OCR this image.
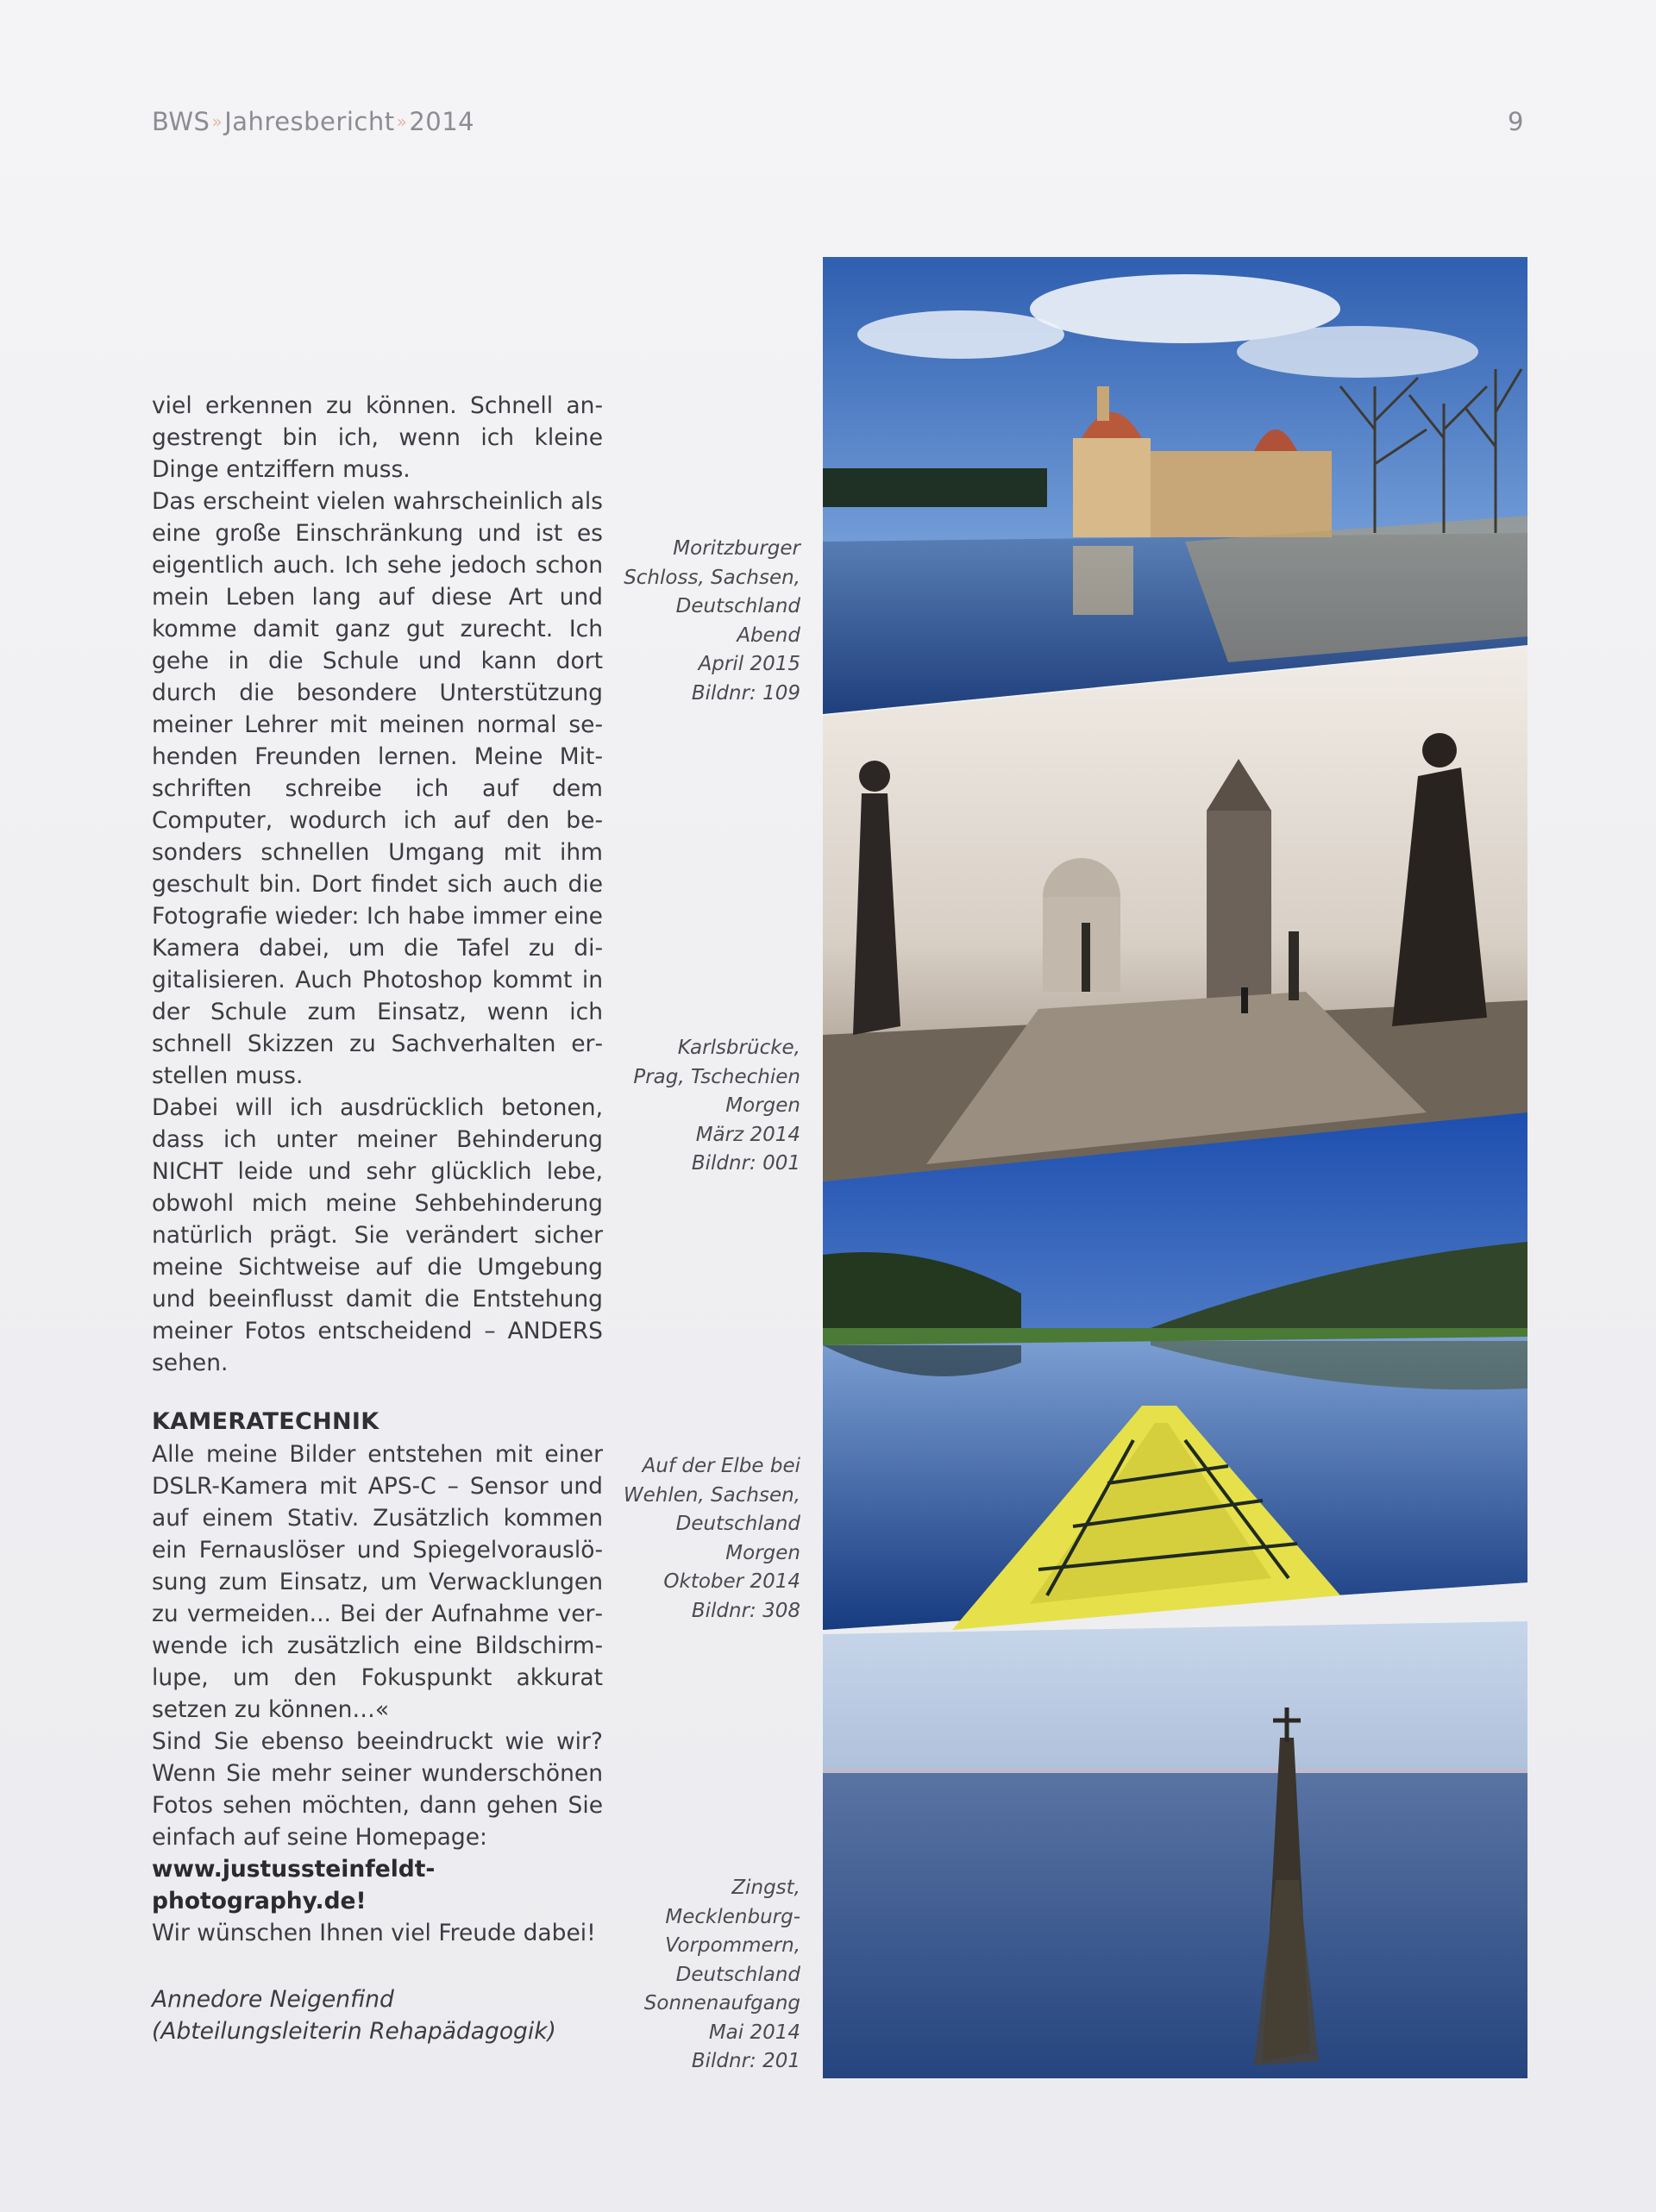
BWS »Jahresbericht »2014	9

viel erkennen zu können. Schnell angestrengt bin ich, wenn ich kleine Dinge entziffern muss.

Das erscheint vielen wahrscheinlich als eine große Einschränkung und ist es eigentlich auch. Ich sehe jedoch schon mein Leben lang auf diese Art und komme damit ganz gut zurecht. Ich gehe in die Schule und kann dort durch die besondere Unterstützung meiner Lehrer mit meinen normal sehenden Freunden lernen. Meine Mitschriften schreibe ich auf dem Computer, wodurch ich auf den besonders schnellen Umgang mit ihm geschult bin. Dort findet sich auch die Fotografie wieder: Ich habe immer eine Kamera dabei, um die Tafel zu digitalisieren. Auch Photoshop kommt in der Schule zum Einsatz, wenn ich schnell Skizzen zu Sachverhalten erstellen muss.

Dabei will ich ausdrücklich betonen, dass ich unter meiner Behinderung NICHT leide und sehr glücklich lebe, obwohl mich meine Sehbehinderung natürlich prägt. Sie verändert sicher meine Sichtweise auf die Umgebung und beeinflusst damit die Entstehung meiner Fotos entscheidend – ANDERS sehen.

KAMERATECHNIK

Alle meine Bilder entstehen mit einer DSLR-Kamera mit APS-C – Sensor und auf einem Stativ. Zusätzlich kommen ein Fernauslöser und Spiegelvorauslösung zum Einsatz, um Verwacklungen zu vermeiden... Bei der Aufnahme verwende ich zusätzlich eine Bildschirmlupe, um den Fokuspunkt akkurat setzen zu können…«

Sind Sie ebenso beeindruckt wie wir? Wenn Sie mehr seiner wunderschönen Fotos sehen möchten, dann gehen Sie einfach auf seine Homepage:

www.justussteinfeldt-photography.de!

Wir wünschen Ihnen viel Freude dabei!

Annedore Neigenfind

(Abteilungsleiterin Rehapädagogik)

Moritzburger
Schloss, Sachsen,
Deutschland
Abend
April 2015
Bildnr: 109
Karlsbrücke,
Prag, Tschechien
Morgen
März 2014
Bildnr: 001
Auf der Elbe bei
Wehlen, Sachsen,
Deutschland
Morgen
Oktober 2014
Bildnr: 308
Zingst,
Mecklenburg-
Vorpommern,
Deutschland
Sonnenaufgang
Mai 2014
Bildnr: 201
